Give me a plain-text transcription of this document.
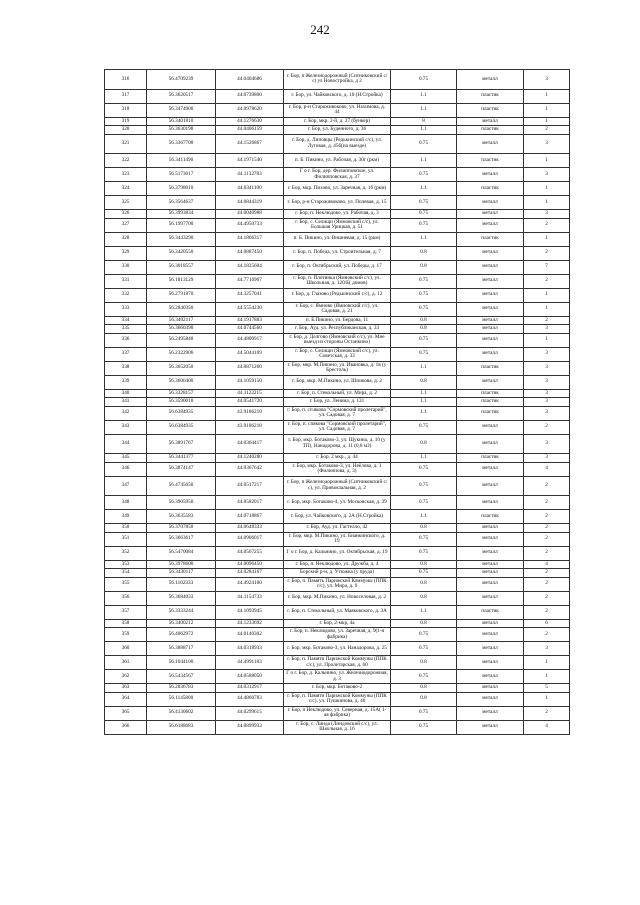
242
316	56.4709239	44.0404686	г. Бор, п Железнодорожный (Ситниковский с/с) ул Новостройка, д 2	0.75	металл	3
317	56.3620517	44.0739800	г. Бор, ул. Чайковского, д. 10 (Н.Стройка)	1.1	пластик	1
318	56.3474900	44.0978620	г. Бор, р-н Староживоково, ул. Нахимова, д. 44	1.1	пластик	1
319	56.3401810	44.1276630	г. Бор, мкр. 2-й, д. 27 (бункер)	8	металл	1
320	56.3630198	44.0406159	г. Бор, ул. Буденного, д. 36	1.1	пластик	2
321	56.3367700	44.1526867	г. Бор, д. Липовцы (Редькинский с/с), ул. Луговая, д. 45б(на выезде)	0.75	металл	3
322	56.3411490	44.1971540	п. Б. Пикино, ул. Рабочая, д. 30г (ркм)	1.1	пластик	1
323	56.5173017	44.1132783	Г о г. Бор, дер. Филипповское, ул. Филипповская, д. 37	0.75	металл	3
324	56.3798010	44.0341100	г. Бор, мкр. Пихово, ул. Заречная, д. 16 (ркм)	1.1	пластик	1
325	56.3564637	44.0844319	г. Бор, р-н Староживоково, ул. Полевая, д. 15	0.75	металл	1
326	56.3993834	44.0040988	г. Бор, п. Неклюдово, ул. Рабочая, д. 3	0.75	металл	3
327	56.1997700	44.4950733	г. Бор, с. Селищи (Ямновский с/с), ул. Большая Урицкая, д. 51	0.75	металл	2
328	56.3443290	44.1866317	п. Б. Пикино, ул. Вишневая, д. 15 (ркм)	1.1	пластик	1
329	56.3420550	44.0887450	г. Бор, п. Победа, ул. Строительная, д. 7	0.8	металл	2
330	56.3018557	44.1825604	г. Бор, п. Октябрьский, ул. Победы, д. 17	0.8	металл	7
331	56.1813129	44.7716967	г. Бор, п. Плотинка (Ямновский с/с), ул. Школьная, д. 120/Б( домов)	0.75	металл	2
332	56.2791870	44.3257041	г. Бор, д. Глазово (Редькинский с/с), д. 12	0.75	металл	1
333	56.2840350	44.5554230	г. Бор, с. Ямново (Ямновский с/с), ул. Садовая, д. 21	0.75	металл	1
334	56.3402117	44.1917883	п. Б.Пикино, ул. Бердова, 11	0.8	металл	2
335	56.3660390	44.0744560	г. Бор, Ауд. ул. Республиканская, д. 33	0.8	металл	3
336	56.2495848	44.4800917	г. Бор, д. Долгово (Ямновский с/с), ул. Мне выезд из стороны Останкино)	0.75	металл	1
337	56.2322906	44.5044109	г. Бор, с. Селищи (Ямновский с/с), ул. Советская, д. 33	0.75	металл	3
338	56.3652050	44.0871260	г. Бор, мкр. М.Пикино, ул. Ивановка, д. 1в (у Брестоль)	1.1	пластик	3
339	56.3606400	44.1059150	г. Бор, мкр. М.Пикино, ул. Шпикова, д. 2	0.8	металл	3
340	56.3328157	44.1122215	г. Бор, п. Стекольный, ул. Мира, д. 2	1.1	пластик	3
341	56.3590010	44.0541720	г. Бор, ул. Ленина, д. 131	1.1	пластик	3
342	56.6384935	43.9186210	г. Бор, п. сп.якова "Сормовский пролетарий", ул. Садовая, д. 7	1.1	пластик	3
343	56.6384935	43.9186210	г. Бор, п. спякова "Сормовский пролетарий", ул. Садовая, д. 7	0.75	металл	2
344	56.3891767	44.0364417	г. Бор, мкр. Ботаково-3, ул. Щукина, д. 10 (у ТП), Нанадорова, д. 11 (0,8 м3)	0.8	металл	3
345	56.3441377	44.1240280	г. Бор, 2 мкр., д. 44	1.1	пластик	3
346	56.3874147	44.0367642	г. Бор, мкр. Ботаково-3, ул. Неёлова, д. 1 (Филиппова, д. 3)	0.75	металл	4
347	56.4745650	44.0517217	г. Бор, п Железнодорожный (Ситниковский с/с), ул. Привокзальная, д. 2	0.75	металл	2
348	56.3905950	44.0582017	г. Бор, мкр. Ботаково-4, ул. Московская, д. 39	0.75	металл	2
349	56.3635583	44.0718867	г. Бор, ул. Чайковского, д. 2А (Н.Стройка)	1.1	пластик	2
350	56.3707850	44.0648333	г. Бор, Ауд. ул. Гастелло, 42	0.8	металл	2
351	56.3663617	44.0906017	г. Бор, мкр. М.Пикино, ул. Бианкинского, д. 19	0.75	металл	2
352	56.5470084	44.0567255	Г о г. Бор, д. Кальнино, ул. Октябрьская, д. 19	0.75	металл	2
353	56.3978600	44.0096450	г. Бор, п. Неклюдово, ул. Дружба, д. 4	0.8	металл	4
354	56.3430117	44.0284167	Борский р-н, д. Утюжка (у пруда)	0.75	металл	2
355	56.1102333	44.4924100	г. Бор, п. Память Парижской Коммуны (ППК с/с), ул. Мира, д. 9	0.8	металл	2
356	56.3684033	44.1154733	г. Бор, мкр. М.Пикино, ул. Новоселовая, д. 2	0.8	металл	2
357	56.3333244	44.1093945	г. Бор, п. Стекольный, ул. Маяковского, д. 3А	1.1	пластик	2
358	56.3400212	44.1233692	г. Бор, 2-мкр, 4а	0.8	металл	6
359	56.4062972	44.0140302	г. Бор, п. Неклюдово, ул. Заречная, д. 9(1-я фабрика)	0.75	металл	2
360	56.3888717	44.0318933	г. Бор, мкр. Ботаково-3, ул. Нанадорова, д. 25	0.75	металл	3
361	56.1044100	44.4991183	г. Бор, п. Памяти Парижской Коммуны (ППК с/с), ул. Пролетарская, д. 60	0.8	металл	1
362	56.5434567	44.0588050	Г о г. Бор, д. Кальнино, ул. Железнодорожная, д. 3	0.75	металл	1
363	56.2836783	44.0312917	г. Бор, мкр. Ботаково-2	0.8	металл	5
364	56.1145800	44.4860783	г. Бор, п. Памяти Парижской Коммуны (ППК с/с), ул. Пушкинова, д. 40	0.8	металл	1
365	56.4130602	44.0299615	г. Бор, п Неклюдово, ул. Северная, д. 15А( 1-ая фабрика)	0.75	металл	2
366	56.6188683	44.0899933	г. Бор, с. Линда (Линдовский с/с), ул. Школьная, д. 16	0.75	металл	4
